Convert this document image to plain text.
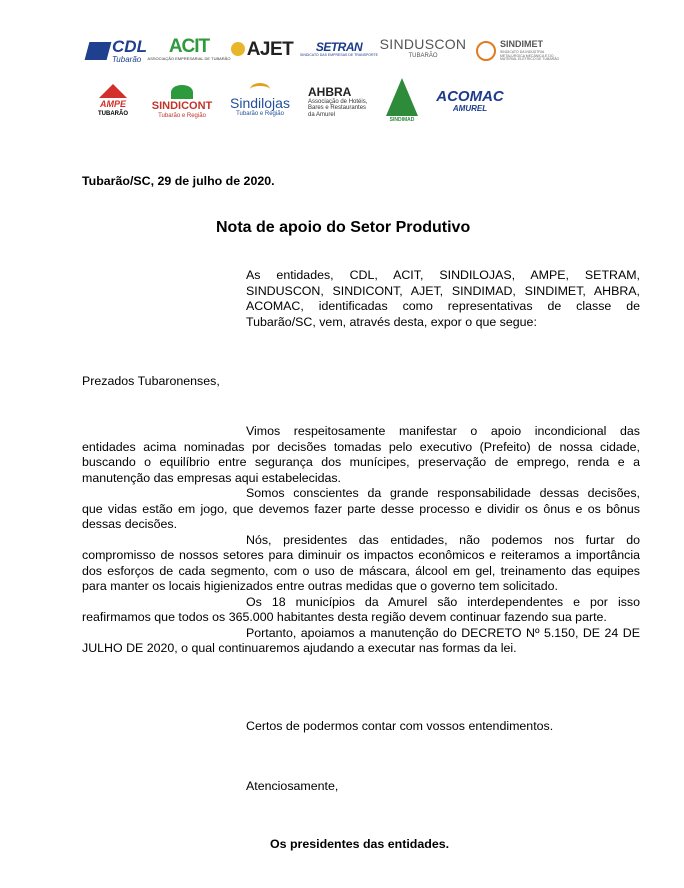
CDL
Tubarão
ACIT
ASSOCIAÇÃO EMPRESARIAL DE TUBARÃO AJET SETRAN
SINDICATO DAS EMPRESAS DE TRANSPORTE
SINDUSCON
TUBARÃO
SINDIMET
SINDICATO DA INDÚSTRIA METALÚRGICA MECÂNICA E DO MATERIAL ELÉTRICO DE TUBARÃO
AMPE
TUBARÃO
SINDICONT
Tubarão e Região
Sindilojas
Tubarão e Região
AHBRA
Associação de Hotéis, Bares e Restaurantes da Amurel
SINDIMAD
ACOMAC
AMUREL
Tubarão/SC, 29 de julho de 2020.
Nota de apoio do Setor Produtivo
As entidades, CDL, ACIT, SINDILOJAS, AMPE, SETRAM,
SINDUSCON, SINDICONT, AJET, SINDIMAD, SINDIMET, AHBRA,
ACOMAC, identificadas como representativas de classe de
Tubarão/SC, vem, através desta, expor o que segue:
Prezados Tubaronenses,
Vimos respeitosamente manifestar o apoio incondicional das
entidades acima nominadas por decisões tomadas pelo executivo (Prefeito) de nossa cidade,
buscando o equilíbrio entre segurança dos munícipes, preservação de emprego, renda e a
manutenção das empresas aqui estabelecidas.
Somos conscientes da grande responsabilidade dessas decisões,
que vidas estão em jogo, que devemos fazer parte desse processo e dividir os ônus e os bônus
dessas decisões.
Nós, presidentes das entidades, não podemos nos furtar do
compromisso de nossos setores para diminuir os impactos econômicos e reiteramos a importância
dos esforços de cada segmento, com o uso de máscara, álcool em gel, treinamento das equipes
para manter os locais higienizados entre outras medidas que o governo tem solicitado.
Os 18 municípios da Amurel são interdependentes e por isso
reafirmamos que todos os 365.000 habitantes desta região devem continuar fazendo sua parte.
Portanto, apoiamos a manutenção do DECRETO Nº 5.150, DE 24 DE
JULHO DE 2020, o qual continuaremos ajudando a executar nas formas da lei.
Certos de podermos contar com vossos entendimentos.
Atenciosamente,
Os presidentes das entidades.
